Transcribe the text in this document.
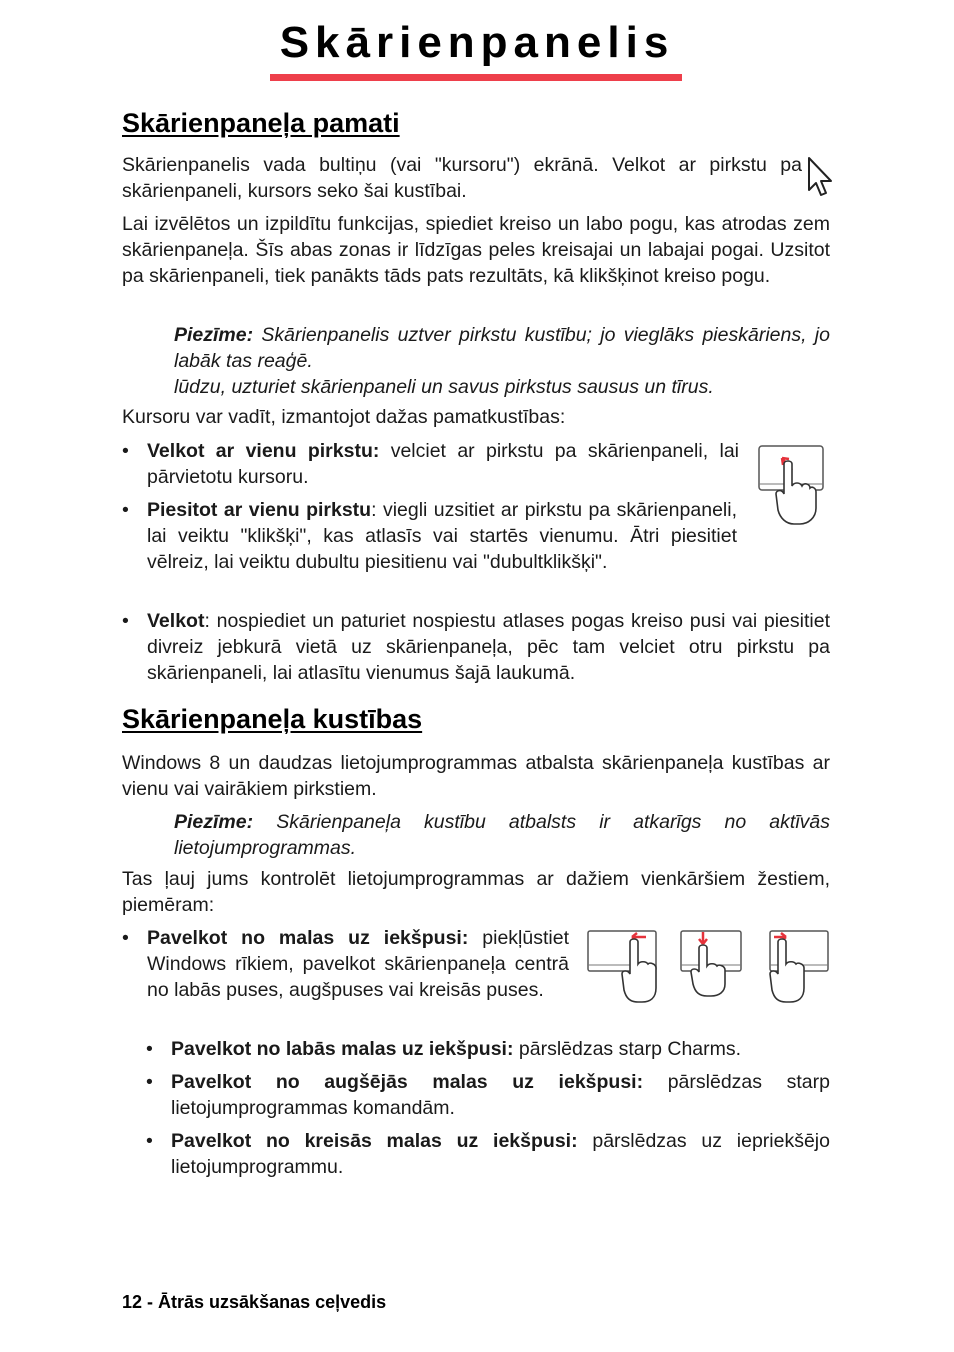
Skārienpanelis
Skārienpaneļa pamati

Skārienpanelis vada bultiņu (vai "kursoru") ekrānā. Velkot ar pirkstu pa skārienpaneli, kursors seko šai kustībai.

Lai izvēlētos un izpildītu funkcijas, spiediet kreiso un labo pogu, kas atrodas zem skārienpaneļa. Šīs abas zonas ir līdzīgas peles kreisajai un labajai pogai. Uzsitot pa skārienpaneli, tiek panākts tāds pats rezultāts, kā klikšķinot kreiso pogu.

Piezīme: Skārienpanelis uztver pirkstu kustību; jo vieglāks pieskāriens, jo labāk tas reaģē.
lūdzu, uzturiet skārienpaneli un savus pirkstus sausus un tīrus.

Kursoru var vadīt, izmantojot dažas pamatkustības:

• Velkot ar vienu pirkstu: velciet ar pirkstu pa skārienpaneli, lai pārvietotu kursoru.
• Piesitot ar vienu pirkstu: viegli uzsitiet ar pirkstu pa skārienpaneli, lai veiktu "klikšķi", kas atlasīs vai startēs vienumu. Ātri piesitiet vēlreiz, lai veiktu dubultu piesitienu vai "dubultklikšķi".
• Velkot: nospiediet un paturiet nospiestu atlases pogas kreiso pusi vai piesitiet divreiz jebkurā vietā uz skārienpaneļa, pēc tam velciet otru pirkstu pa skārienpaneli, lai atlasītu vienumus šajā laukumā.
Skārienpaneļa kustības

Windows 8 un daudzas lietojumprogrammas atbalsta skārienpaneļa kustības ar vienu vai vairākiem pirkstiem.

Piezīme: Skārienpaneļa kustību atbalsts ir atkarīgs no aktīvās lietojumprogrammas.

Tas ļauj jums kontrolēt lietojumprogrammas ar dažiem vienkāršiem žestiem, piemēram:

• Pavelkot no malas uz iekšpusi: piekļūstiet Windows rīkiem, pavelkot skārienpaneļa centrā no labās puses, augšpuses vai kreisās puses.
• Pavelkot no labās malas uz iekšpusi: pārslēdzas starp Charms.
• Pavelkot no augšējās malas uz iekšpusi: pārslēdzas starp lietojumprogrammas komandām.
• Pavelkot no kreisās malas uz iekšpusi: pārslēdzas uz iepriekšējo lietojumprogrammu.
12 - Ātrās uzsākšanas ceļvedis
